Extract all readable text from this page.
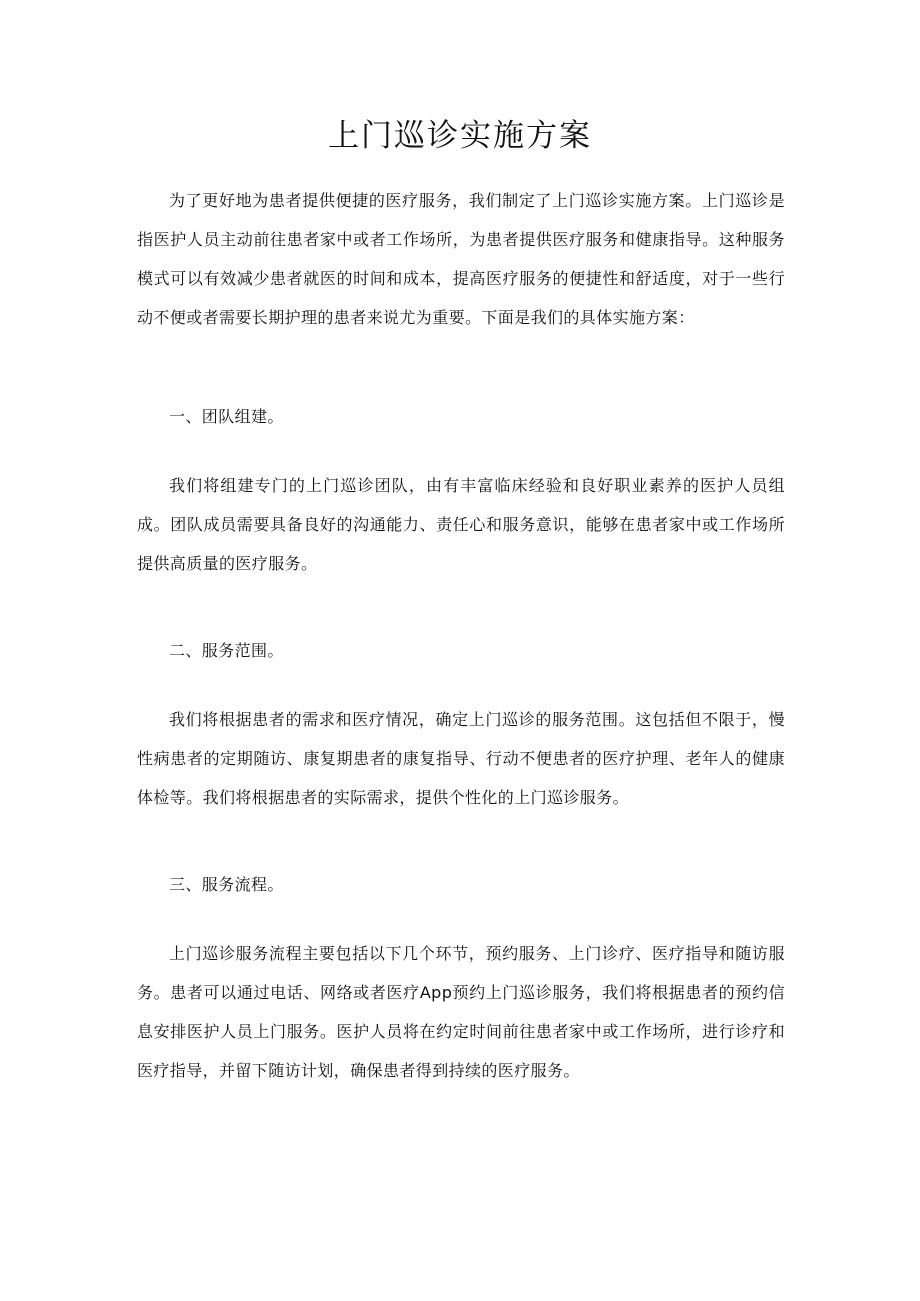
上门巡诊实施方案

为了更好地为患者提供便捷的医疗服务，我们制定了上门巡诊实施方案。上门巡诊是指医护人员主动前往患者家中或者工作场所，为患者提供医疗服务和健康指导。这种服务模式可以有效减少患者就医的时间和成本，提高医疗服务的便捷性和舒适度，对于一些行动不便或者需要长期护理的患者来说尤为重要。下面是我们的具体实施方案：

一、团队组建。

我们将组建专门的上门巡诊团队，由有丰富临床经验和良好职业素养的医护人员组成。团队成员需要具备良好的沟通能力、责任心和服务意识，能够在患者家中或工作场所提供高质量的医疗服务。

二、服务范围。

我们将根据患者的需求和医疗情况，确定上门巡诊的服务范围。这包括但不限于，慢性病患者的定期随访、康复期患者的康复指导、行动不便患者的医疗护理、老年人的健康体检等。我们将根据患者的实际需求，提供个性化的上门巡诊服务。

三、服务流程。

上门巡诊服务流程主要包括以下几个环节，预约服务、上门诊疗、医疗指导和随访服务。患者可以通过电话、网络或者医疗App预约上门巡诊服务，我们将根据患者的预约信息安排医护人员上门服务。医护人员将在约定时间前往患者家中或工作场所，进行诊疗和医疗指导，并留下随访计划，确保患者得到持续的医疗服务。
